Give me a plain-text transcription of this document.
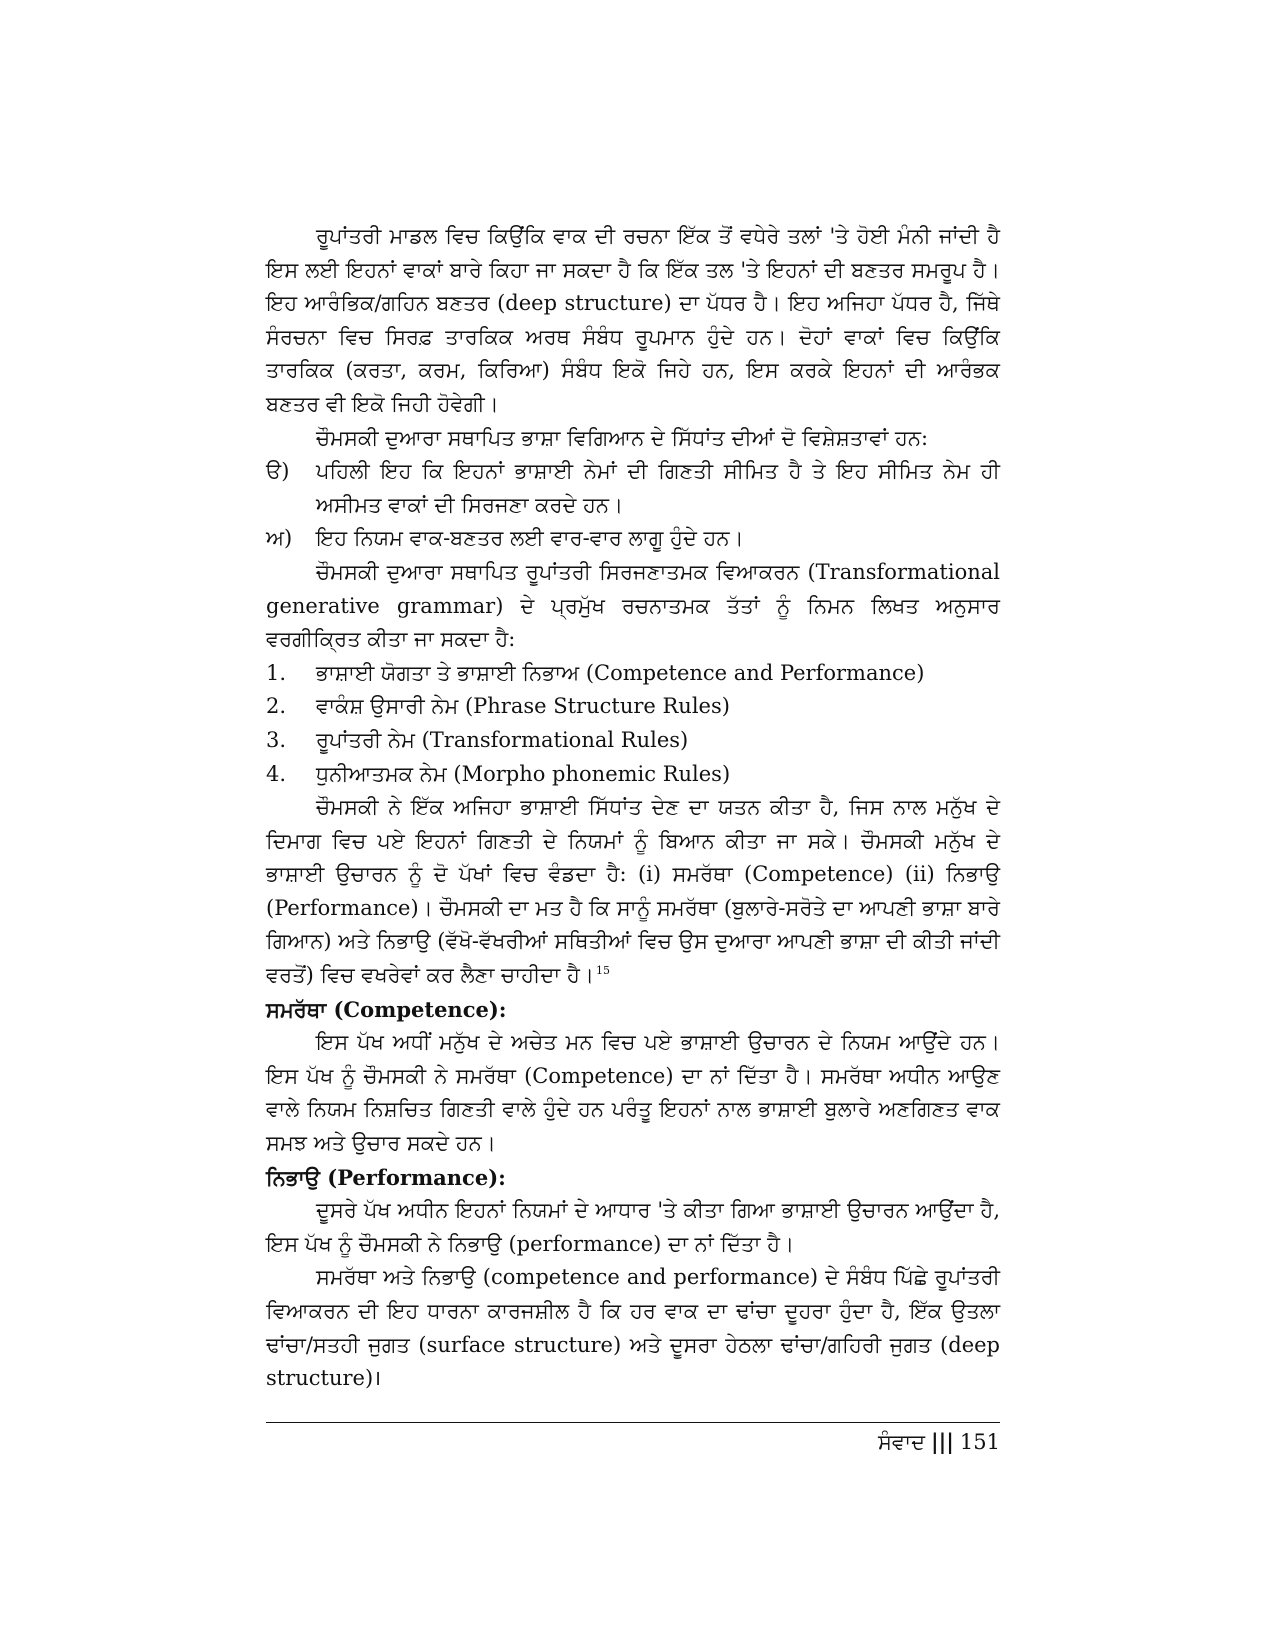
ਰੂਪਾਂਤਰੀ ਮਾਡਲ ਵਿਚ ਕਿਉਂਕਿ ਵਾਕ ਦੀ ਰਚਨਾ ਇੱਕ ਤੋਂ ਵਧੇਰੇ ਤਲਾਂ 'ਤੇ ਹੋਈ ਮੰਨੀ ਜਾਂਦੀ ਹੈ ਇਸ ਲਈ ਇਹਨਾਂ ਵਾਕਾਂ ਬਾਰੇ ਕਿਹਾ ਜਾ ਸਕਦਾ ਹੈ ਕਿ ਇੱਕ ਤਲ 'ਤੇ ਇਹਨਾਂ ਦੀ ਬਣਤਰ ਸਮਰੂਪ ਹੈ। ਇਹ ਆਰੰਭਿਕ/ਗਹਿਨ ਬਣਤਰ (deep structure) ਦਾ ਪੱਧਰ ਹੈ। ਇਹ ਅਜਿਹਾ ਪੱਧਰ ਹੈ, ਜਿੱਥੇ ਸੰਰਚਨਾ ਵਿਚ ਸਿਰਫ਼ ਤਾਰਕਿਕ ਅਰਥ ਸੰਬੰਧ ਰੂਪਮਾਨ ਹੁੰਦੇ ਹਨ। ਦੋਹਾਂ ਵਾਕਾਂ ਵਿਚ ਕਿਉਂਕਿ ਤਾਰਕਿਕ (ਕਰਤਾ, ਕਰਮ, ਕਿਰਿਆ) ਸੰਬੰਧ ਇਕੋ ਜਿਹੇ ਹਨ, ਇਸ ਕਰਕੇ ਇਹਨਾਂ ਦੀ ਆਰੰਭਕ ਬਣਤਰ ਵੀ ਇਕੋ ਜਿਹੀ ਹੋਵੇਗੀ।

ਚੌਮਸਕੀ ਦੁਆਰਾ ਸਥਾਪਿਤ ਭਾਸ਼ਾ ਵਿਗਿਆਨ ਦੇ ਸਿੱਧਾਂਤ ਦੀਆਂ ਦੋ ਵਿਸ਼ੇਸ਼ਤਾਵਾਂ ਹਨ:

ੳ)	ਪਹਿਲੀ ਇਹ ਕਿ ਇਹਨਾਂ ਭਾਸ਼ਾਈ ਨੇਮਾਂ ਦੀ ਗਿਣਤੀ ਸੀਮਿਤ ਹੈ ਤੇ ਇਹ ਸੀਮਿਤ ਨੇਮ ਹੀ ਅਸੀਮਤ ਵਾਕਾਂ ਦੀ ਸਿਰਜਣਾ ਕਰਦੇ ਹਨ।
ਅ)	ਇਹ ਨਿਯਮ ਵਾਕ-ਬਣਤਰ ਲਈ ਵਾਰ-ਵਾਰ ਲਾਗੂ ਹੁੰਦੇ ਹਨ।

ਚੌਮਸਕੀ ਦੁਆਰਾ ਸਥਾਪਿਤ ਰੂਪਾਂਤਰੀ ਸਿਰਜਣਾਤਮਕ ਵਿਆਕਰਨ (Transformational generative grammar) ਦੇ ਪ੍ਰਮੁੱਖ ਰਚਨਾਤਮਕ ਤੱਤਾਂ ਨੂੰ ਨਿਮਨ ਲਿਖਤ ਅਨੁਸਾਰ ਵਰਗੀਕ੍ਰਿਤ ਕੀਤਾ ਜਾ ਸਕਦਾ ਹੈ:

1.	ਭਾਸ਼ਾਈ ਯੋਗਤਾ ਤੇ ਭਾਸ਼ਾਈ ਨਿਭਾਅ (Competence and Performance)
2.	ਵਾਕੰਸ਼ ਉਸਾਰੀ ਨੇਮ (Phrase Structure Rules)
3.	ਰੂਪਾਂਤਰੀ ਨੇਮ (Transformational Rules)
4.	ਧੁਨੀਆਤਮਕ ਨੇਮ (Morpho phonemic Rules)

ਚੌਮਸਕੀ ਨੇ ਇੱਕ ਅਜਿਹਾ ਭਾਸ਼ਾਈ ਸਿੱਧਾਂਤ ਦੇਣ ਦਾ ਯਤਨ ਕੀਤਾ ਹੈ, ਜਿਸ ਨਾਲ ਮਨੁੱਖ ਦੇ ਦਿਮਾਗ ਵਿਚ ਪਏ ਇਹਨਾਂ ਗਿਣਤੀ ਦੇ ਨਿਯਮਾਂ ਨੂੰ ਬਿਆਨ ਕੀਤਾ ਜਾ ਸਕੇ। ਚੌਮਸਕੀ ਮਨੁੱਖ ਦੇ ਭਾਸ਼ਾਈ ਉਚਾਰਨ ਨੂੰ ਦੋ ਪੱਖਾਂ ਵਿਚ ਵੰਡਦਾ ਹੈ: (i) ਸਮਰੱਥਾ (Competence) (ii) ਨਿਭਾਉ (Performance)। ਚੌਮਸਕੀ ਦਾ ਮਤ ਹੈ ਕਿ ਸਾਨੂੰ ਸਮਰੱਥਾ (ਬੁਲਾਰੇ-ਸਰੋਤੇ ਦਾ ਆਪਣੀ ਭਾਸ਼ਾ ਬਾਰੇ ਗਿਆਨ) ਅਤੇ ਨਿਭਾਉ (ਵੱਖੋ-ਵੱਖਰੀਆਂ ਸਥਿਤੀਆਂ ਵਿਚ ਉਸ ਦੁਆਰਾ ਆਪਣੀ ਭਾਸ਼ਾ ਦੀ ਕੀਤੀ ਜਾਂਦੀ ਵਰਤੋਂ) ਵਿਚ ਵਖਰੇਵਾਂ ਕਰ ਲੈਣਾ ਚਾਹੀਦਾ ਹੈ। $^{15}$

ਸਮਰੱਥਾ (Competence):

ਇਸ ਪੱਖ ਅਧੀਂ ਮਨੁੱਖ ਦੇ ਅਚੇਤ ਮਨ ਵਿਚ ਪਏ ਭਾਸ਼ਾਈ ਉਚਾਰਨ ਦੇ ਨਿਯਮ ਆਉਂਦੇ ਹਨ। ਇਸ ਪੱਖ ਨੂੰ ਚੌਮਸਕੀ ਨੇ ਸਮਰੱਥਾ (Competence) ਦਾ ਨਾਂ ਦਿੱਤਾ ਹੈ। ਸਮਰੱਥਾ ਅਧੀਨ ਆਉਣ ਵਾਲੇ ਨਿਯਮ ਨਿਸ਼ਚਿਤ ਗਿਣਤੀ ਵਾਲੇ ਹੁੰਦੇ ਹਨ ਪਰੰਤੂ ਇਹਨਾਂ ਨਾਲ ਭਾਸ਼ਾਈ ਬੁਲਾਰੇ ਅਣਗਿਣਤ ਵਾਕ ਸਮਝ ਅਤੇ ਉਚਾਰ ਸਕਦੇ ਹਨ।

ਨਿਭਾਉ (Performance):

ਦੂਸਰੇ ਪੱਖ ਅਧੀਨ ਇਹਨਾਂ ਨਿਯਮਾਂ ਦੇ ਆਧਾਰ 'ਤੇ ਕੀਤਾ ਗਿਆ ਭਾਸ਼ਾਈ ਉਚਾਰਨ ਆਉਂਦਾ ਹੈ, ਇਸ ਪੱਖ ਨੂੰ ਚੌਮਸਕੀ ਨੇ ਨਿਭਾਉ (performance) ਦਾ ਨਾਂ ਦਿੱਤਾ ਹੈ।

ਸਮਰੱਥਾ ਅਤੇ ਨਿਭਾਉ (competence and performance) ਦੇ ਸੰਬੰਧ ਪਿੱਛੇ ਰੂਪਾਂਤਰੀ ਵਿਆਕਰਨ ਦੀ ਇਹ ਧਾਰਨਾ ਕਾਰਜਸ਼ੀਲ ਹੈ ਕਿ ਹਰ ਵਾਕ ਦਾ ਢਾਂਚਾ ਦੂਹਰਾ ਹੁੰਦਾ ਹੈ, ਇੱਕ ਉਤਲਾ ਢਾਂਚਾ/ਸਤਹੀ ਜੁਗਤ (surface structure) ਅਤੇ ਦੂਸਰਾ ਹੇਠਲਾ ਢਾਂਚਾ/ਗਹਿਰੀ ਜੁਗਤ (deep structure)।

ਸੰਵਾਦ ||| 151
